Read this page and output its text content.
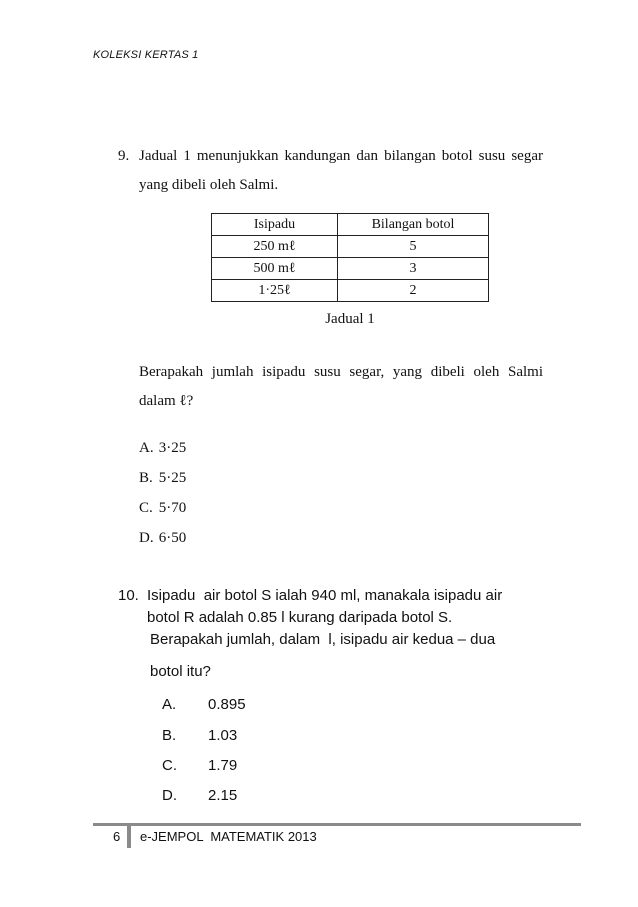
KOLEKSI KERTAS 1
9. Jadual 1 menunjukkan kandungan dan bilangan botol susu segar
yang dibeli oleh Salmi.
Isipadu	Bilangan botol
250 mℓ	5
500 mℓ	3
1·25ℓ	2
Jadual 1
Berapakah jumlah isipadu susu segar, yang dibeli oleh Salmi
dalam ℓ?
A. 3·25
B. 5·25
C. 5·70
D. 6·50
10. Isipadu  air botol S ialah 940 ml, manakala isipadu air
botol R adalah 0.85 l kurang daripada botol S.
Berapakah jumlah, dalam  l, isipadu air kedua – dua
botol itu?
A. 0.895
B. 1.03
C. 1.79
D. 2.15
6 e-JEMPOL  MATEMATIK 2013
